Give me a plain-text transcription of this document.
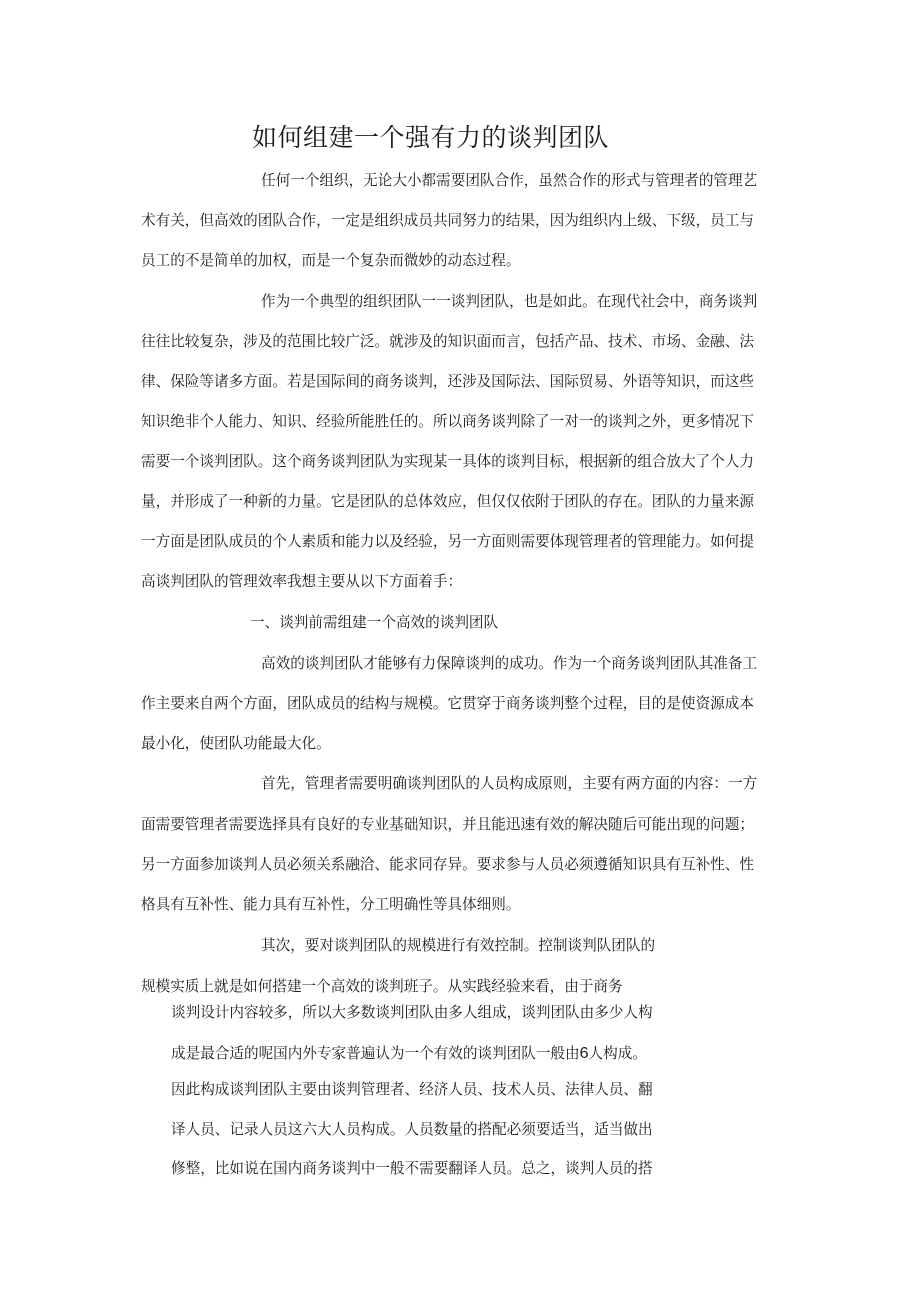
如何组建一个强有力的谈判团队

任何一个组织，无论大小都需要团队合作，虽然合作的形式与管理者的管理艺

术有关，但高效的团队合作，一定是组织成员共同努力的结果，因为组织内上级、下级，员工与

员工的不是简单的加权，而是一个复杂而微妙的动态过程。

作为一个典型的组织团队一一谈判团队，也是如此。在现代社会中，商务谈判

往往比较复杂，涉及的范围比较广泛。就涉及的知识面而言，包括产品、技术、市场、金融、法

律、保险等诸多方面。若是国际间的商务谈判，还涉及国际法、国际贸易、外语等知识，而这些

知识绝非个人能力、知识、经验所能胜任的。所以商务谈判除了一对一的谈判之外，更多情况下

需要一个谈判团队。这个商务谈判团队为实现某一具体的谈判目标，根据新的组合放大了个人力

量，并形成了一种新的力量。它是团队的总体效应，但仅仅依附于团队的存在。团队的力量来源

一方面是团队成员的个人素质和能力以及经验，另一方面则需要体现管理者的管理能力。如何提

高谈判团队的管理效率我想主要从以下方面着手：

一、谈判前需组建一个高效的谈判团队

高效的谈判团队才能够有力保障谈判的成功。作为一个商务谈判团队其准备工

作主要来自两个方面，团队成员的结构与规模。它贯穿于商务谈判整个过程，目的是使资源成本

最小化，使团队功能最大化。

首先，管理者需要明确谈判团队的人员构成原则，主要有两方面的内容：一方

面需要管理者需要选择具有良好的专业基础知识，并且能迅速有效的解决随后可能出现的问题；

另一方面参加谈判人员必须关系融洽、能求同存异。要求参与人员必须遵循知识具有互补性、性

格具有互补性、能力具有互补性，分工明确性等具体细则。

其次，要对谈判团队的规模进行有效控制。控制谈判队团队的

规模实质上就是如何搭建一个高效的谈判班子。从实践经验来看，由于商务

谈判设计内容较多，所以大多数谈判团队由多人组成，谈判团队由多少人构

成是最合适的呢国内外专家普遍认为一个有效的谈判团队一般由6人构成。

因此构成谈判团队主要由谈判管理者、经济人员、技术人员、法律人员、翻

译人员、记录人员这六大人员构成。人员数量的搭配必须要适当，适当做出

修整，比如说在国内商务谈判中一般不需要翻译人员。总之，谈判人员的搭
